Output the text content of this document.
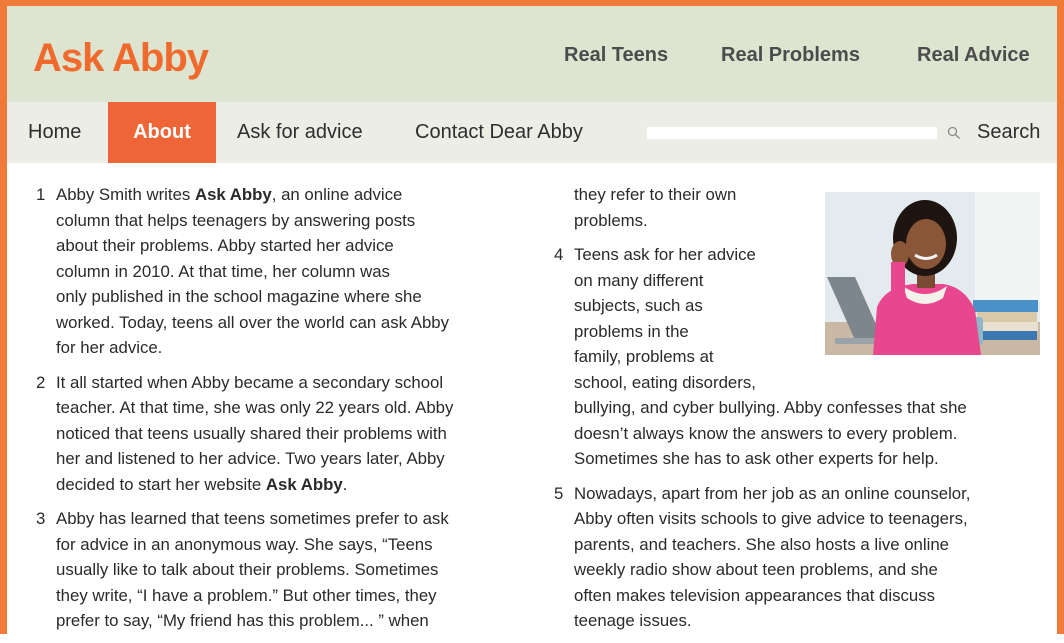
Ask Abby	Real Teens	Real Problems	Real Advice
Home	About	Ask for advice	Contact Dear Abby	Search
1 Abby Smith writes Ask Abby, an online advice
column that helps teenagers by answering posts
about their problems. Abby started her advice
column in 2010. At that time, her column was
only published in the school magazine where she
worked. Today, teens all over the world can ask Abby
for her advice.
2 It all started when Abby became a secondary school
teacher. At that time, she was only 22 years old. Abby
noticed that teens usually shared their problems with
her and listened to her advice. Two years later, Abby
decided to start her website Ask Abby.
3 Abby has learned that teens sometimes prefer to ask
for advice in an anonymous way. She says, “Teens
usually like to talk about their problems. Sometimes
they write, “I have a problem.” But other times, they
prefer to say, “My friend has this problem... ” when
they refer to their own
problems.
4 Teens ask for her advice
on many different
subjects, such as
problems in the
family, problems at
school, eating disorders,
bullying, and cyber bullying. Abby confesses that she
doesn’t always know the answers to every problem.
Sometimes she has to ask other experts for help.
5 Nowadays, apart from her job as an online counselor,
Abby often visits schools to give advice to teenagers,
parents, and teachers. She also hosts a live online
weekly radio show about teen problems, and she
often makes television appearances that discuss
teenage issues.
